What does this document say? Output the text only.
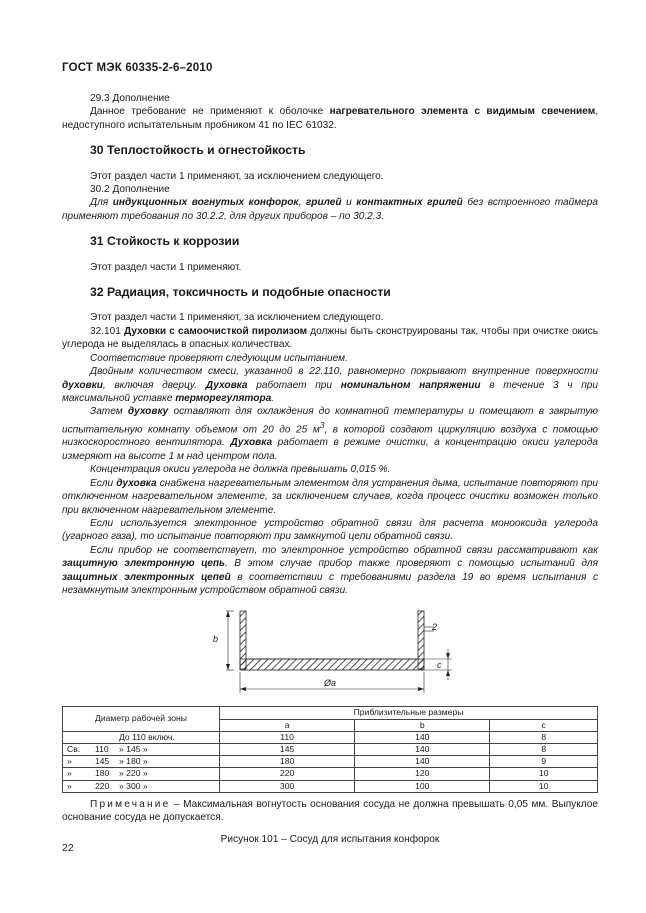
ГОСТ МЭК 60335-2-6–2010

29.3 Дополнение

Данное требование не применяют к оболочке нагревательного элемента с видимым свечением, недоступного испытательным пробником 41 по IEC 61032.

30 Теплостойкость и огнестойкость

Этот раздел части 1 применяют, за исключением следующего.

30.2 Дополнение

Для индукционных вогнутых конфорок, грилей и контактных грилей без встроенного таймера применяют требования по 30.2.2, для других приборов – по 30.2.3.

31 Стойкость к коррозии

Этот раздел части 1 применяют.

32 Радиация, токсичность и подобные опасности

Этот раздел части 1 применяют, за исключением следующего.

32.101 Духовки с самоочисткой пиролизом должны быть сконструированы так, чтобы при очистке окись углерода не выделялась в опасных количествах.

Соответствие проверяют следующим испытанием.

Двойным количеством смеси, указанной в 22.110, равномерно покрывают внутренние поверхности духовки, включая дверцу. Духовка работает при номинальном напряжении в течение 3 ч при максимальной уставке терморегулятора.

Затем духовку оставляют для охлаждения до комнатной температуры и помещают в закрытую испытательную комнату объемом от 20 до 25 $м^3$, в которой создают циркуляцию воздуха с помощью низкоскоростного вентилятора. Духовка работает в режиме очистки, а концентрацию окиси углерода измеряют на высоте 1 м над центром пола.

Концентрация окиси углерода не должна превышать 0,015 %.

Если духовка снабжена нагревательным элементом для устранения дыма, испытание повторяют при отключенном нагревательном элементе, за исключением случаев, когда процесс очистки возможен только при включенном нагревательном элементе.

Если используется электронное устройство обратной связи для расчета монооксида углерода (угарного газа), то испытание повторяют при замкнутой цепи обратной связи.

Если прибор не соответствует, то электронное устройство обратной связи рассматривают как защитную электронную цепь. В этом случае прибор также проверяют с помощью испытаний для защитных электронных цепей в соответствии с требованиями раздела 19 во время испытания с незамкнутым электронным устройством обратной связи.

b
2
c
Øa
Диаметр рабочей зоны	Приблизительные размеры		
	a	b	c
До 110 включ.	110	140	8
Св. 110 » 145 »	145	140	8
» 145 » 180 »	180	140	9
» 180 » 220 »	220	120	10
» 220 » 300 »	300	100	10

Примечание – Максимальная вогнутость основания сосуда не должна превышать 0,05 мм. Выпуклое основание сосуда не допускается.

Рисунок 101 – Сосуд для испытания конфорок

22
